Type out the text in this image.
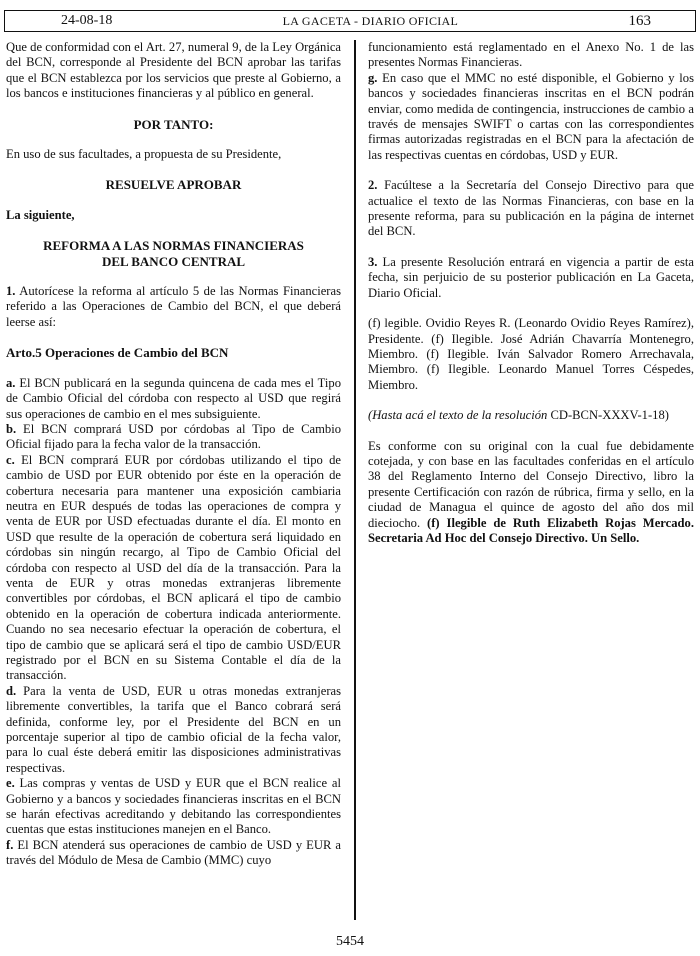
24-08-18	LA GACETA - DIARIO OFICIAL	163

Que de conformidad con el Art. 27, numeral 9, de la Ley Orgánica del BCN, corresponde al Presidente del BCN aprobar las tarifas que el BCN establezca por los servicios que preste al Gobierno, a los bancos e instituciones financieras y al público en general.

POR TANTO:

En uso de sus facultades, a propuesta de su Presidente,

RESUELVE APROBAR

La siguiente,

REFORMA A LAS NORMAS FINANCIERAS

DEL BANCO CENTRAL

1. Autorícese la reforma al artículo 5 de las Normas Financieras referido a las Operaciones de Cambio del BCN, el que deberá leerse así:

Arto.5 Operaciones de Cambio del BCN

a. El BCN publicará en la segunda quincena de cada mes el Tipo de Cambio Oficial del córdoba con respecto al USD que regirá sus operaciones de cambio en el mes subsiguiente.

b. El BCN comprará USD por córdobas al Tipo de Cambio Oficial fijado para la fecha valor de la transacción.

c. El BCN comprará EUR por córdobas utilizando el tipo de cambio de USD por EUR obtenido por éste en la operación de cobertura necesaria para mantener una exposición cambiaria neutra en EUR después de todas las operaciones de compra y venta de EUR por USD efectuadas durante el día. El monto en USD que resulte de la operación de cobertura será liquidado en córdobas sin ningún recargo, al Tipo de Cambio Oficial del córdoba con respecto al USD del día de la transacción. Para la venta de EUR y otras monedas extranjeras libremente convertibles por córdobas, el BCN aplicará el tipo de cambio obtenido en la operación de cobertura indicada anteriormente. Cuando no sea necesario efectuar la operación de cobertura, el tipo de cambio que se aplicará será el tipo de cambio USD/EUR registrado por el BCN en su Sistema Contable el día de la transacción.

d. Para la venta de USD, EUR u otras monedas extranjeras libremente convertibles, la tarifa que el Banco cobrará será definida, conforme ley, por el Presidente del BCN en un porcentaje superior al tipo de cambio oficial de la fecha valor, para lo cual éste deberá emitir las disposiciones administrativas respectivas.

e. Las compras y ventas de USD y EUR que el BCN realice al Gobierno y a bancos y sociedades financieras inscritas en el BCN se harán efectivas acreditando y debitando las correspondientes cuentas que estas instituciones manejen en el Banco.

f. El BCN atenderá sus operaciones de cambio de USD y EUR a través del Módulo de Mesa de Cambio (MMC) cuyo

funcionamiento está reglamentado en el Anexo No. 1 de las presentes Normas Financieras.

g. En caso que el MMC no esté disponible, el Gobierno y los bancos y sociedades financieras inscritas en el BCN podrán enviar, como medida de contingencia, instrucciones de cambio a través de mensajes SWIFT o cartas con las correspondientes firmas autorizadas registradas en el BCN para la afectación de las respectivas cuentas en córdobas, USD y EUR.

2. Facúltese a la Secretaría del Consejo Directivo para que actualice el texto de las Normas Financieras, con base en la presente reforma, para su publicación en la página de internet del BCN.

3. La presente Resolución entrará en vigencia a partir de esta fecha, sin perjuicio de su posterior publicación en La Gaceta, Diario Oficial.

(f) legible. Ovidio Reyes R. (Leonardo Ovidio Reyes Ramírez), Presidente. (f) Ilegible. José Adrián Chavarría Montenegro, Miembro. (f) Ilegible. Iván Salvador Romero Arrechavala, Miembro. (f) Ilegible. Leonardo Manuel Torres Céspedes, Miembro.

(Hasta acá el texto de la resolución CD-BCN-XXXV-1-18)

Es conforme con su original con la cual fue debidamente cotejada, y con base en las facultades conferidas en el artículo 38 del Reglamento Interno del Consejo Directivo, libro la presente Certificación con razón de rúbrica, firma y sello, en la ciudad de Managua el quince de agosto del año dos mil dieciocho. (f) Ilegible de Ruth Elizabeth Rojas Mercado. Secretaria Ad Hoc del Consejo Directivo. Un Sello.

5454
